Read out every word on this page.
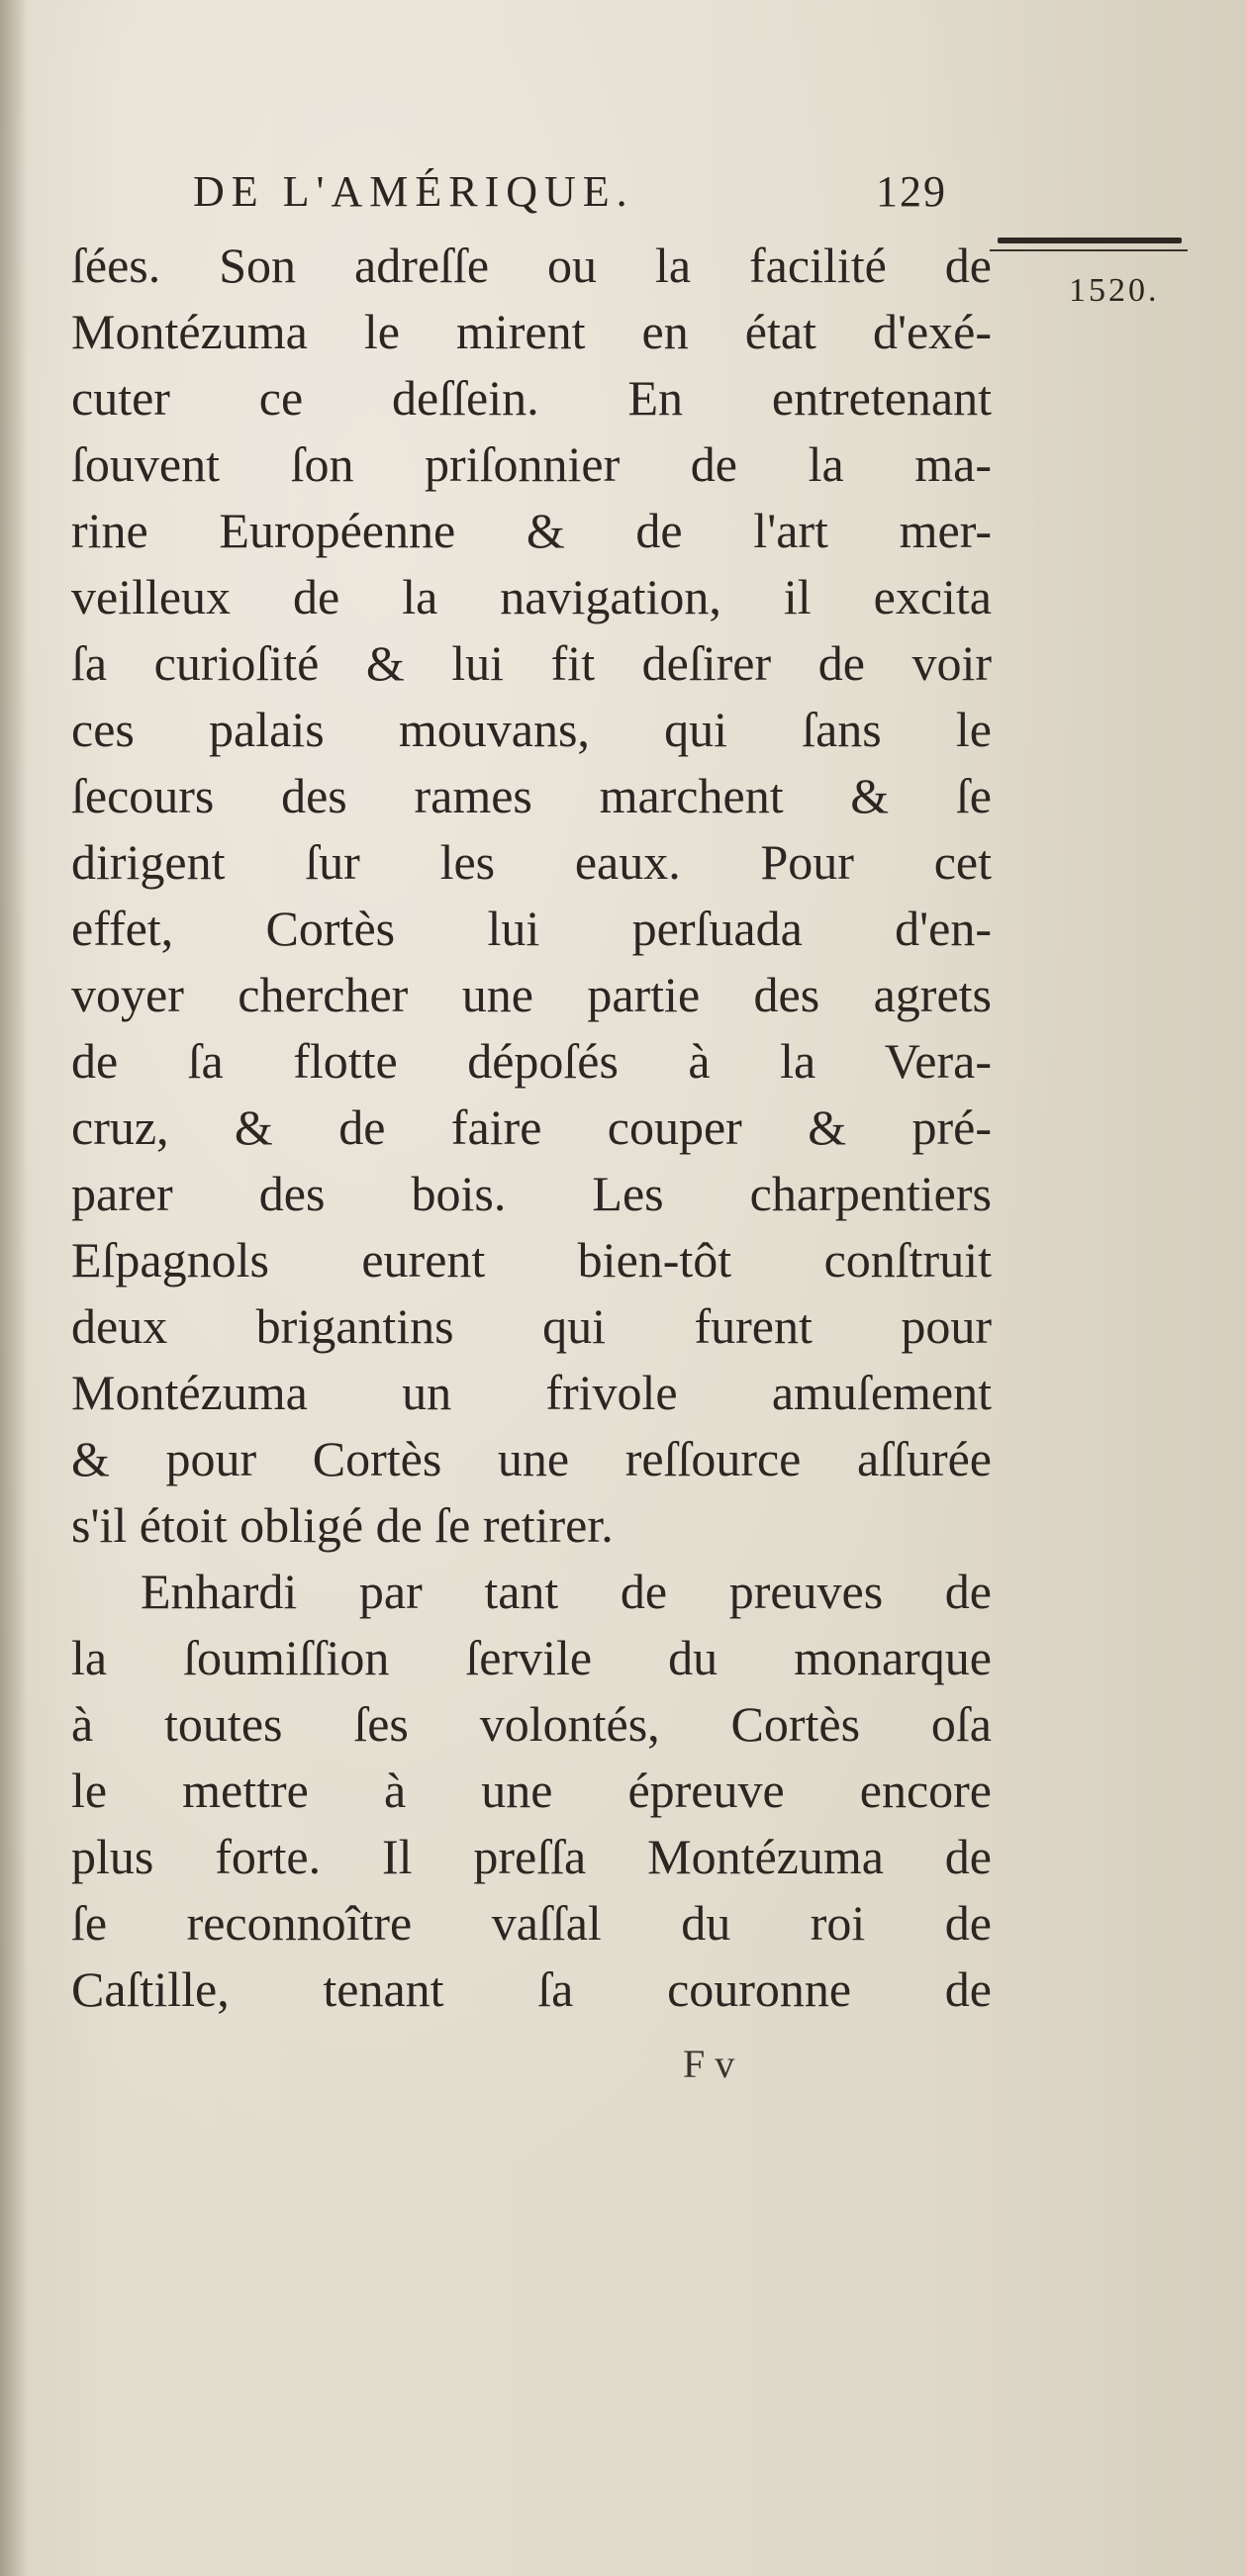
DE L'AMÉRIQUE.	129
1520.
ſées. Son adreſſe ou la facilité de
Montézuma le mirent en état d'exé-
cuter ce deſſein. En entretenant
ſouvent ſon priſonnier de la ma-
rine Européenne & de l'art mer-
veilleux de la navigation, il excita
ſa curioſité & lui fit deſirer de voir
ces palais mouvans, qui ſans le
ſecours des rames marchent & ſe
dirigent ſur les eaux. Pour cet
effet, Cortès lui perſuada d'en-
voyer chercher une partie des agrets
de ſa flotte dépoſés à la Vera-
cruz, & de faire couper & pré-
parer des bois. Les charpentiers
Eſpagnols eurent bien-tôt conſtruit
deux brigantins qui furent pour
Montézuma un frivole amuſement
& pour Cortès une reſſource aſſurée
s'il étoit obligé de ſe retirer.
Enhardi par tant de preuves de
la ſoumiſſion ſervile du monarque
à toutes ſes volontés, Cortès oſa
le mettre à une épreuve encore
plus forte. Il preſſa Montézuma de
ſe reconnoître vaſſal du roi de
Caſtille, tenant ſa couronne de
F v
